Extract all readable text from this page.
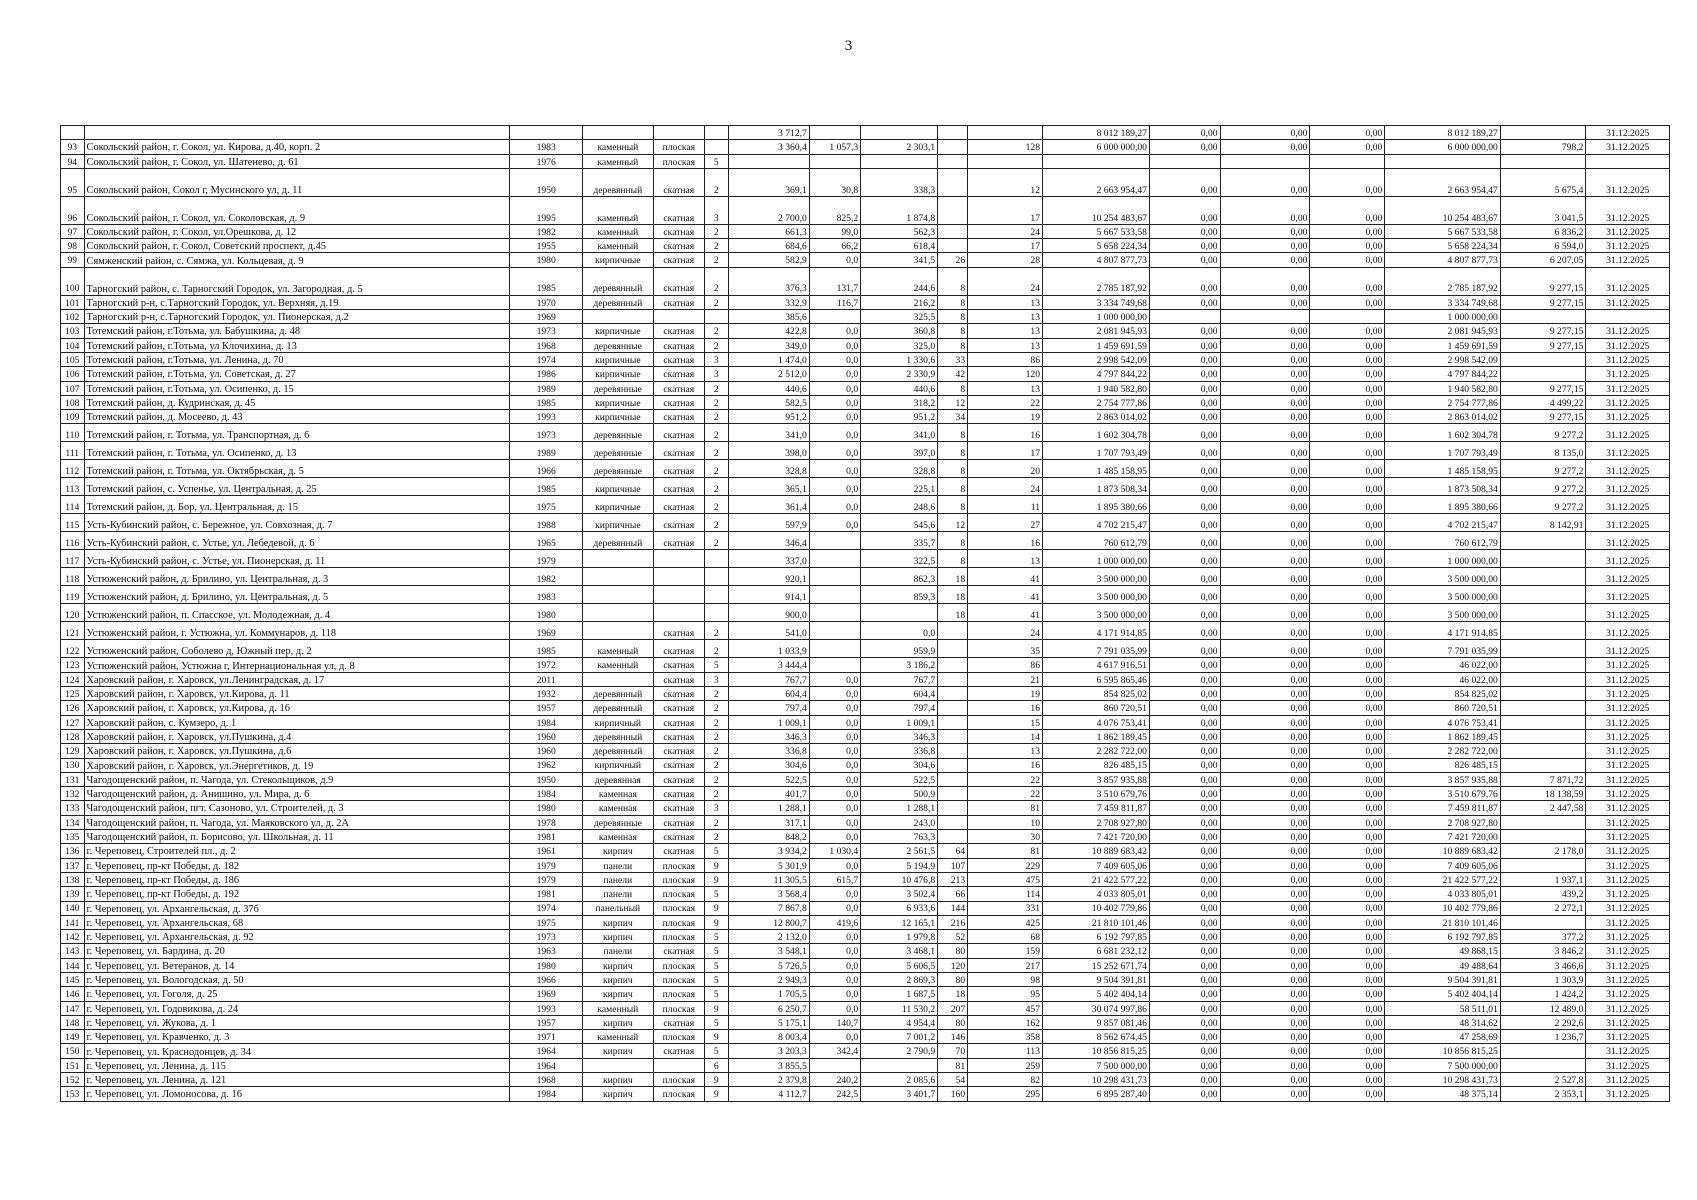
3
						3 712,7					8 012 189,27	0,00	0,00	0,00	8 012 189,27		31.12.2025
93	Сокольский район, г. Сокол, ул. Кирова, д.40, корп. 2	1983	каменный	плоская		3 360,4	1 057,3	2 303,1		128	6 000 000,00	0,00	0,00	0,00	6 000 000,00	798,2	31.12.2025
94	Сокольский район, г. Сокол, ул. Шатенево, д. 61	1976	каменный	плоская	5												
95	Сокольский район, Сокол г, Мусинского ул, д. 11	1950	деревянный	скатная	2	369,1	30,8	338,3		12	2 663 954,47	0,00	0,00	0,00	2 663 954,47	5 675,4	31.12.2025
96	Сокольский район, г. Сокол, ул. Соколовская, д. 9	1995	каменный	скатная	3	2 700,0	825,2	1 874,8		17	10 254 483,67	0,00	0,00	0,00	10 254 483,67	3 041,5	31.12.2025
97	Сокольский район, г. Сокол, ул.Орешкова, д. 12	1982	каменный	скатная	2	661,3	99,0	562,3		24	5 667 533,58	0,00	0,00	0,00	5 667 533,58	6 836,2	31.12.2025
98	Сокольский район, г. Сокол, Советский проспект, д.45	1955	каменный	скатная	2	684,6	66,2	618,4		17	5 658 224,34	0,00	0,00	0,00	5 658 224,34	6 594,0	31.12.2025
99	Сямженский район, с. Сямжа, ул. Кольцевая, д. 9	1980	кирпичные	скатная	2	582,9	0,0	341,5	26	28	4 807 877,73	0,00	0,00	0,00	4 807 877,73	6 207,05	31.12.2025
100	Тарногский район, с. Тарногский Городок, ул. Загородная, д. 5	1985	деревянный	скатная	2	376,3	131,7	244,6	8	24	2 785 187,92	0,00	0,00	0,00	2 785 187,92	9 277,15	31.12.2025
101	Тарногский р-н, с.Тарногский Городок, ул. Верхняя, д.19	1970	деревянный	скатная	2	332,9	116,7	216,2	8	13	3 334 749,68	0,00	0,00	0,00	3 334 749,68	9 277,15	31.12.2025
102	Тарногский р-н, с.Тарногский Городок, ул. Пионерская, д.2	1969				385,6		325,5	8	13	1 000 000,00				1 000 000,00		
103	Тотемский район, г.Тотьма, ул. Бабушкина, д. 48	1973	кирпичные	скатная	2	422,8	0,0	360,8	8	13	2 081 945,93	0,00	0,00	0,00	2 081 945,93	9 277,15	31.12.2025
104	Тотемский район, г.Тотьма, ул Клочихина, д. 13	1968	деревянные	скатная	2	349,0	0,0	325,0	8	13	1 459 691,59	0,00	0,00	0,00	1 459 691,59	9 277,15	31.12.2025
105	Тотемский район, г.Тотьма, ул. Ленина, д. 70	1974	кирпичные	скатная	3	1 474,0	0,0	1 330,6	33	86	2 998 542,09	0,00	0,00	0,00	2 998 542,09		31.12.2025
106	Тотемский район, г.Тотьма, ул. Советская, д. 27	1986	кирпичные	скатная	3	2 512,0	0,0	2 330,9	42	120	4 797 844,22	0,00	0,00	0,00	4 797 844,22		31.12.2025
107	Тотемский район, г.Тотьма, ул. Осипенко, д. 15	1989	деревянные	скатная	2	440,6	0,0	440,6	8	13	1 940 582,80	0,00	0,00	0,00	1 940 582,80	9 277,15	31.12.2025
108	Тотемский район, д. Кудринская, д. 45	1985	кирпичные	скатная	2	582,5	0,0	318,2	12	22	2 754 777,86	0,00	0,00	0,00	2 754 777,86	4 499,22	31.12.2025
109	Тотемский район, д. Мосеево, д. 43	1993	кирпичные	скатная	2	951,2	0,0	951,2	34	19	2 863 014,02	0,00	0,00	0,00	2 863 014,02	9 277,15	31.12.2025
110	Тотемский район, г. Тотьма, ул. Транспортная, д. 6	1973	деревянные	скатная	2	341,0	0,0	341,0	8	16	1 602 304,78	0,00	0,00	0,00	1 602 304,78	9 277,2	31.12.2025
111	Тотемский район, г. Тотьма, ул. Осипенко, д. 13	1989	деревянные	скатная	2	398,0	0,0	397,0	8	17	1 707 793,49	0,00	0,00	0,00	1 707 793,49	8 135,0	31.12.2025
112	Тотемский район, г. Тотьма, ул. Октябрьская, д. 5	1966	деревянные	скатная	2	328,8	0,0	328,8	8	20	1 485 158,95	0,00	0,00	0,00	1 485 158,95	9 277,2	31.12.2025
113	Тотемский район, с. Успенье, ул. Центральная, д. 25	1985	кирпичные	скатная	2	365,1	0,0	225,1	8	24	1 873 508,34	0,00	0,00	0,00	1 873 508,34	9 277,2	31.12.2025
114	Тотемский район, д. Бор, ул. Центральная, д. 15	1975	кирпичные	скатная	2	361,4	0,0	248,6	8	11	1 895 380,66	0,00	0,00	0,00	1 895 380,66	9 277,2	31.12.2025
115	Усть-Кубинский район, с. Бережное, ул. Совхозная, д. 7	1988	кирпичные	скатная	2	597,9	0,0	545,6	12	27	4 702 215,47	0,00	0,00	0,00	4 702 215,47	8 142,91	31.12.2025
116	Усть-Кубинский район, с. Устье, ул. Лебедевой, д. 6	1965	деревянный	скатная	2	346,4		335,7	8	16	760 612,79	0,00	0,00	0,00	760 612,79		31.12.2025
117	Усть-Кубинский район, с. Устье, ул. Пионерская, д. 11	1979				337,0		322,5	8	13	1 000 000,00	0,00	0,00	0,00	1 000 000,00		31.12.2025
118	Устюженский район, д. Брилино, ул. Центральная, д. 3	1982				920,1		862,3	18	41	3 500 000,00	0,00	0,00	0,00	3 500 000,00		31.12.2025
119	Устюженский район, д. Брилино, ул. Центральная, д. 5	1983				914,1		859,3	18	41	3 500 000,00	0,00	0,00	0,00	3 500 000,00		31.12.2025
120	Устюженский район, п. Спасское, ул. Молодежная, д. 4	1980				900,0			18	41	3 500 000,00	0,00	0,00	0,00	3 500 000,00		31.12.2025
121	Устюженский район, г. Устюжна, ул. Коммунаров, д. 118	1969		скатная	2	541,0		0,0		24	4 171 914,85	0,00	0,00	0,00	4 171 914,85		31.12.2025
122	Устюженский район, Соболево д, Южный пер, д. 2	1985	каменный	скатная	2	1 033,9		959,9		35	7 791 035,99	0,00	0,00	0,00	7 791 035,99		31.12.2025
123	Устюженский район, Устюжна г, Интернациональная ул, д. 8	1972	каменный	скатная	5	3 444,4		3 186,2		86	4 617 916,51	0,00	0,00	0,00	46 022,00		31.12.2025
124	Харовский район, г. Харовск, ул.Ленинградская, д. 17	2011		скатная	3	767,7	0,0	767,7		21	6 595 865,46	0,00	0,00	0,00	46 022,00		31.12.2025
125	Харовский район, г. Харовск, ул.Кирова, д. 11	1932	деревянный	скатная	2	604,4	0,0	604,4		19	854 825,02	0,00	0,00	0,00	854 825,02		31.12.2025
126	Харовский район, г. Харовск, ул.Кирова, д. 16	1957	деревянный	скатная	2	797,4	0,0	797,4		16	860 720,51	0,00	0,00	0,00	860 720,51		31.12.2025
127	Харовский район, с. Кумзеро, д. 1	1984	кирпичный	скатная	2	1 009,1	0,0	1 009,1		15	4 076 753,41	0,00	0,00	0,00	4 076 753,41		31.12.2025
128	Харовский район, г. Харовск, ул.Пушкина, д.4	1960	деревянный	скатная	2	346,3	0,0	346,3		14	1 862 189,45	0,00	0,00	0,00	1 862 189,45		31.12.2025
129	Харовский район, г. Харовск, ул.Пушкина, д.6	1960	деревянный	скатная	2	336,8	0,0	336,8		13	2 282 722,00	0,00	0,00	0,00	2 282 722,00		31.12.2025
130	Харовский район, г. Харовск, ул.Энергетиков, д. 19	1962	кирпичный	скатная	2	304,6	0,0	304,6		16	826 485,15	0,00	0,00	0,00	826 485,15		31.12.2025
131	Чагодощенский район, п. Чагода, ул. Стекольщиков, д.9	1950	деревянная	скатная	2	522,5	0,0	522,5		22	3 857 935,88	0,00	0,00	0,00	3 857 935,88	7 871,72	31.12.2025
132	Чагодощенский район, д. Анишино, ул. Мира, д. 6	1984	каменная	скатная	2	401,7	0,0	500,9		22	3 510 679,76	0,00	0,00	0,00	3 510 679,76	18 138,59	31.12.2025
133	Чагодощенский район, пгт. Сазоново, ул. Строителей, д. 3	1980	каменная	скатная	3	1 288,1	0,0	1 288,1		81	7 459 811,87	0,00	0,00	0,00	7 459 811,87	2 447,58	31.12.2025
134	Чагодощенский район, п. Чагода, ул. Маяковского ул, д. 2А	1978	деревянные	скатная	2	317,1	0,0	243,0		10	2 708 927,80	0,00	0,00	0,00	2 708 927,80		31.12.2025
135	Чагодощенский район, п. Борисово, ул. Школьная, д. 11	1981	каменная	скатная	2	848,2	0,0	763,3		30	7 421 720,00	0,00	0,00	0,00	7 421 720,00		31.12.2025
136	г. Череповец, Строителей пл., д. 2	1961	кирпич	скатная	5	3 934,2	1 030,4	2 561,5	64	81	10 889 683,42	0,00	0,00	0,00	10 889 683,42	2 178,0	31.12.2025
137	г. Череповец, пр-кт Победы, д. 182	1979	панели	плоская	9	5 301,9	0,0	5 194,9	107	229	7 409 605,06	0,00	0,00	0,00	7 409 605,06		31.12.2025
138	г. Череповец, пр-кт Победы, д. 186	1979	панели	плоская	9	11 305,5	615,7	10 476,8	213	475	21 422 577,22	0,00	0,00	0,00	21 422 577,22	1 937,1	31.12.2025
139	г. Череповец, пр-кт Победы, д. 192	1981	панели	плоская	5	3 568,4	0,0	3 502,4	66	114	4 033 805,01	0,00	0,00	0,00	4 033 805,01	439,2	31.12.2025
140	г. Череповец, ул. Архангельская, д. 37б	1974	панельный	плоская	9	7 867,8	0,0	6 933,6	144	331	10 402 779,86	0,00	0,00	0,00	10 402 779,86	2 272,1	31.12.2025
141	г. Череповец, ул. Архангельская, 68	1975	кирпич	плоская	9	12 800,7	419,6	12 165,1	216	425	21 810 101,46	0,00	0,00	0,00	21 810 101,46		31.12.2025
142	г. Череповец, ул. Архангельская, д. 92	1973	кирпич	плоская	5	2 132,0	0,0	1 979,8	52	68	6 192 797,85	0,00	0,00	0,00	6 192 797,85	377,2	31.12.2025
143	г. Череповец, ул. Бардина, д. 20	1963	панели	скатная	5	3 548,1	0,0	3 468,1	80	159	6 681 232,12	0,00	0,00	0,00	49 868,15	3 846,2	31.12.2025
144	г. Череповец, ул. Ветеранов, д. 14	1980	кирпич	плоская	5	5 726,5	0,0	5 606,5	120	217	15 252 671,74	0,00	0,00	0,00	49 488,64	3 466,6	31.12.2025
145	г. Череповец, ул. Вологодская, д. 50	1966	кирпич	плоская	5	2 949,3	0,0	2 869,3	80	98	9 504 391,81	0,00	0,00	0,00	9 504 391,81	1 303,9	31.12.2025
146	г. Череповец, ул. Гоголя, д. 25	1969	кирпич	плоская	5	1 705,5	0,0	1 687,5	18	95	5 402 404,14	0,00	0,00	0,00	5 402 404,14	1 424,2	31.12.2025
147	г. Череповец, ул. Годовикова, д. 24	1993	каменный	плоская	9	6 250,7	0,0	11 530,2	207	457	30 074 997,86	0,00	0,00	0,00	58 511,01	12 489,0	31.12.2025
148	г. Череповец, ул. Жукова, д. 1	1957	кирпич	скатная	5	5 175,1	140,7	4 954,4	80	162	9 857 081,46	0,00	0,00	0,00	48 314,62	2 292,6	31.12.2025
149	г. Череповец, ул. Кравченко, д. 3	1971	каменный	плоская	9	8 003,4	0,0	7 001,2	146	358	8 562 674,45	0,00	0,00	0,00	47 258,69	1 236,7	31.12.2025
150	г. Череповец, ул. Краснодонцев, д. 34	1964	кирпич	скатная	5	3 203,3	342,4	2 790,9	70	113	10 856 815,25	0,00	0,00	0,00	10 856 815,25		31.12.2025
151	г. Череповец, ул. Ленина, д. 115	1964			6	3 855,5			81	259	7 500 000,00	0,00	0,00	0,00	7 500 000,00		31.12.2025
152	г. Череповец, ул. Ленина, д. 121	1968	кирпич	плоская	9	2 379,8	240,2	2 085,6	54	82	10 298 431,73	0,00	0,00	0,00	10 298 431,73	2 527,8	31.12.2025
153	г. Череповец, ул. Ломоносова, д. 16	1984	кирпич	плоская	9	4 112,7	242,5	3 401,7	160	295	6 895 287,40	0,00	0,00	0,00	48 375,14	2 353,1	31.12.2025
